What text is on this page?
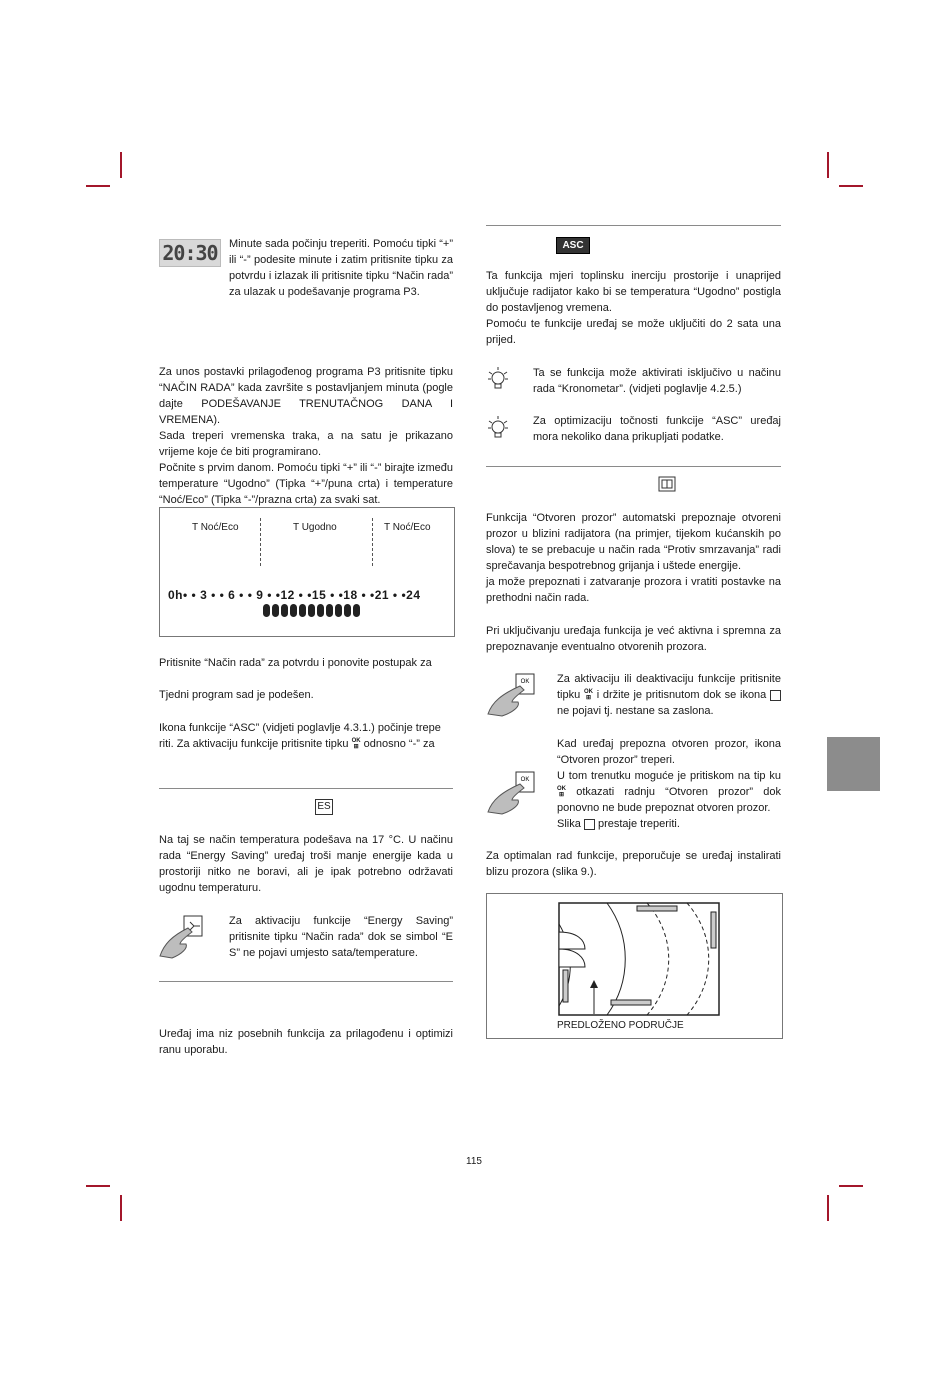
20:30	Minute sada počinju treperiti. Pomoću tipki “+” ili “-” podesite minute i zatim pritisnite tipku za potvrdu i izlazak ili pritisnite tipku “Način rada” za ulazak u podešavanje programa P3.

Za unos postavki prilagođenog programa P3 pritisnite tipku “NAČIN RADA” kada završite s postavljanjem minuta (pogle dajte PODEŠAVANJE TRENUTAČNOG DANA I VREMENA).

Sada treperi vremenska traka, a na satu je prikazano vrijeme koje će biti programirano.

Počnite s prvim danom. Pomoću tipki “+” ili “-” birajte između temperature “Ugodno” (Tipka “+”/puna crta) i temperature “Noć/Eco” (Tipka “-”/prazna crta) za svaki sat.

T Noć/Eco	T Ugodno	T Noć/Eco
0h• • 3 • • 6 • • 9 • •12 • •15 • •18 • •21 • •24

Pritisnite “Način rada” za potvrdu i ponovite postupak za

Tjedni program sad je podešen.

Ikona funkcije “ASC” (vidjeti poglavlje 4.3.1.) počinje trepe

riti. Za aktivaciju funkcije pritisnite tipku OK
⊞ odnosno “-” za

ES

Na taj se način temperatura podešava na 17 °C. U načinu rada “Energy Saving” uređaj troši manje energije kada u prostoriji nitko ne boravi, ali je ipak potrebno održavati ugodnu temperaturu.

Za aktivaciju funkcije “Energy Saving” pritisnite tipku “Način rada” dok se simbol “E S” ne pojavi umjesto sata/temperature.

Uređaj ima niz posebnih funkcija za prilagođenu i optimizi ranu uporabu.

ASC

Ta funkcija mjeri toplinsku inerciju prostorije i unaprijed uključuje radijator kako bi se temperatura “Ugodno” postigla do postavljenog vremena.

Pomoću te funkcije uređaj se može uključiti do 2 sata una prijed.

Ta se funkcija može aktivirati isključivo u načinu rada “Kronometar”. (vidjeti poglavlje 4.2.5.)

Za optimizaciju točnosti funkcije “ASC” uređaj mora nekoliko dana prikupljati podatke.

Funkcija “Otvoren prozor” automatski prepoznaje otvoreni prozor u blizini radijatora (na primjer, tijekom kućanskih po slova) te se prebacuje u način rada “Protiv smrzavanja” radi sprečavanja bespotrebnog grijanja i uštede energije.

ja može prepoznati i zatvaranje prozora i vratiti postavke na prethodni način rada.

Pri uključivanju uređaja funkcija je već aktivna i spremna za prepoznavanje eventualno otvorenih prozora.

OK	Za aktivaciju ili deaktivaciju funkcije pritisnite tipku OK
⊞ i držite je pritisnutom dok se ikona  ne pojavi tj. nestane sa zaslona.

Kad uređaj prepozna otvoren prozor, ikona “Otvoren prozor” treperi.

U tom trenutku moguće je pritiskom na tip ku OK
⊞ otkazati radnju “Otvoren prozor” dok ponovno ne bude prepoznat otvoren prozor.

Slika prestaje treperiti.

OK

Za optimalan rad funkcije, preporučuje se uređaj instalirati blizu prozora (slika 9.).

PREDLOŽENO PODRUČJE
115
